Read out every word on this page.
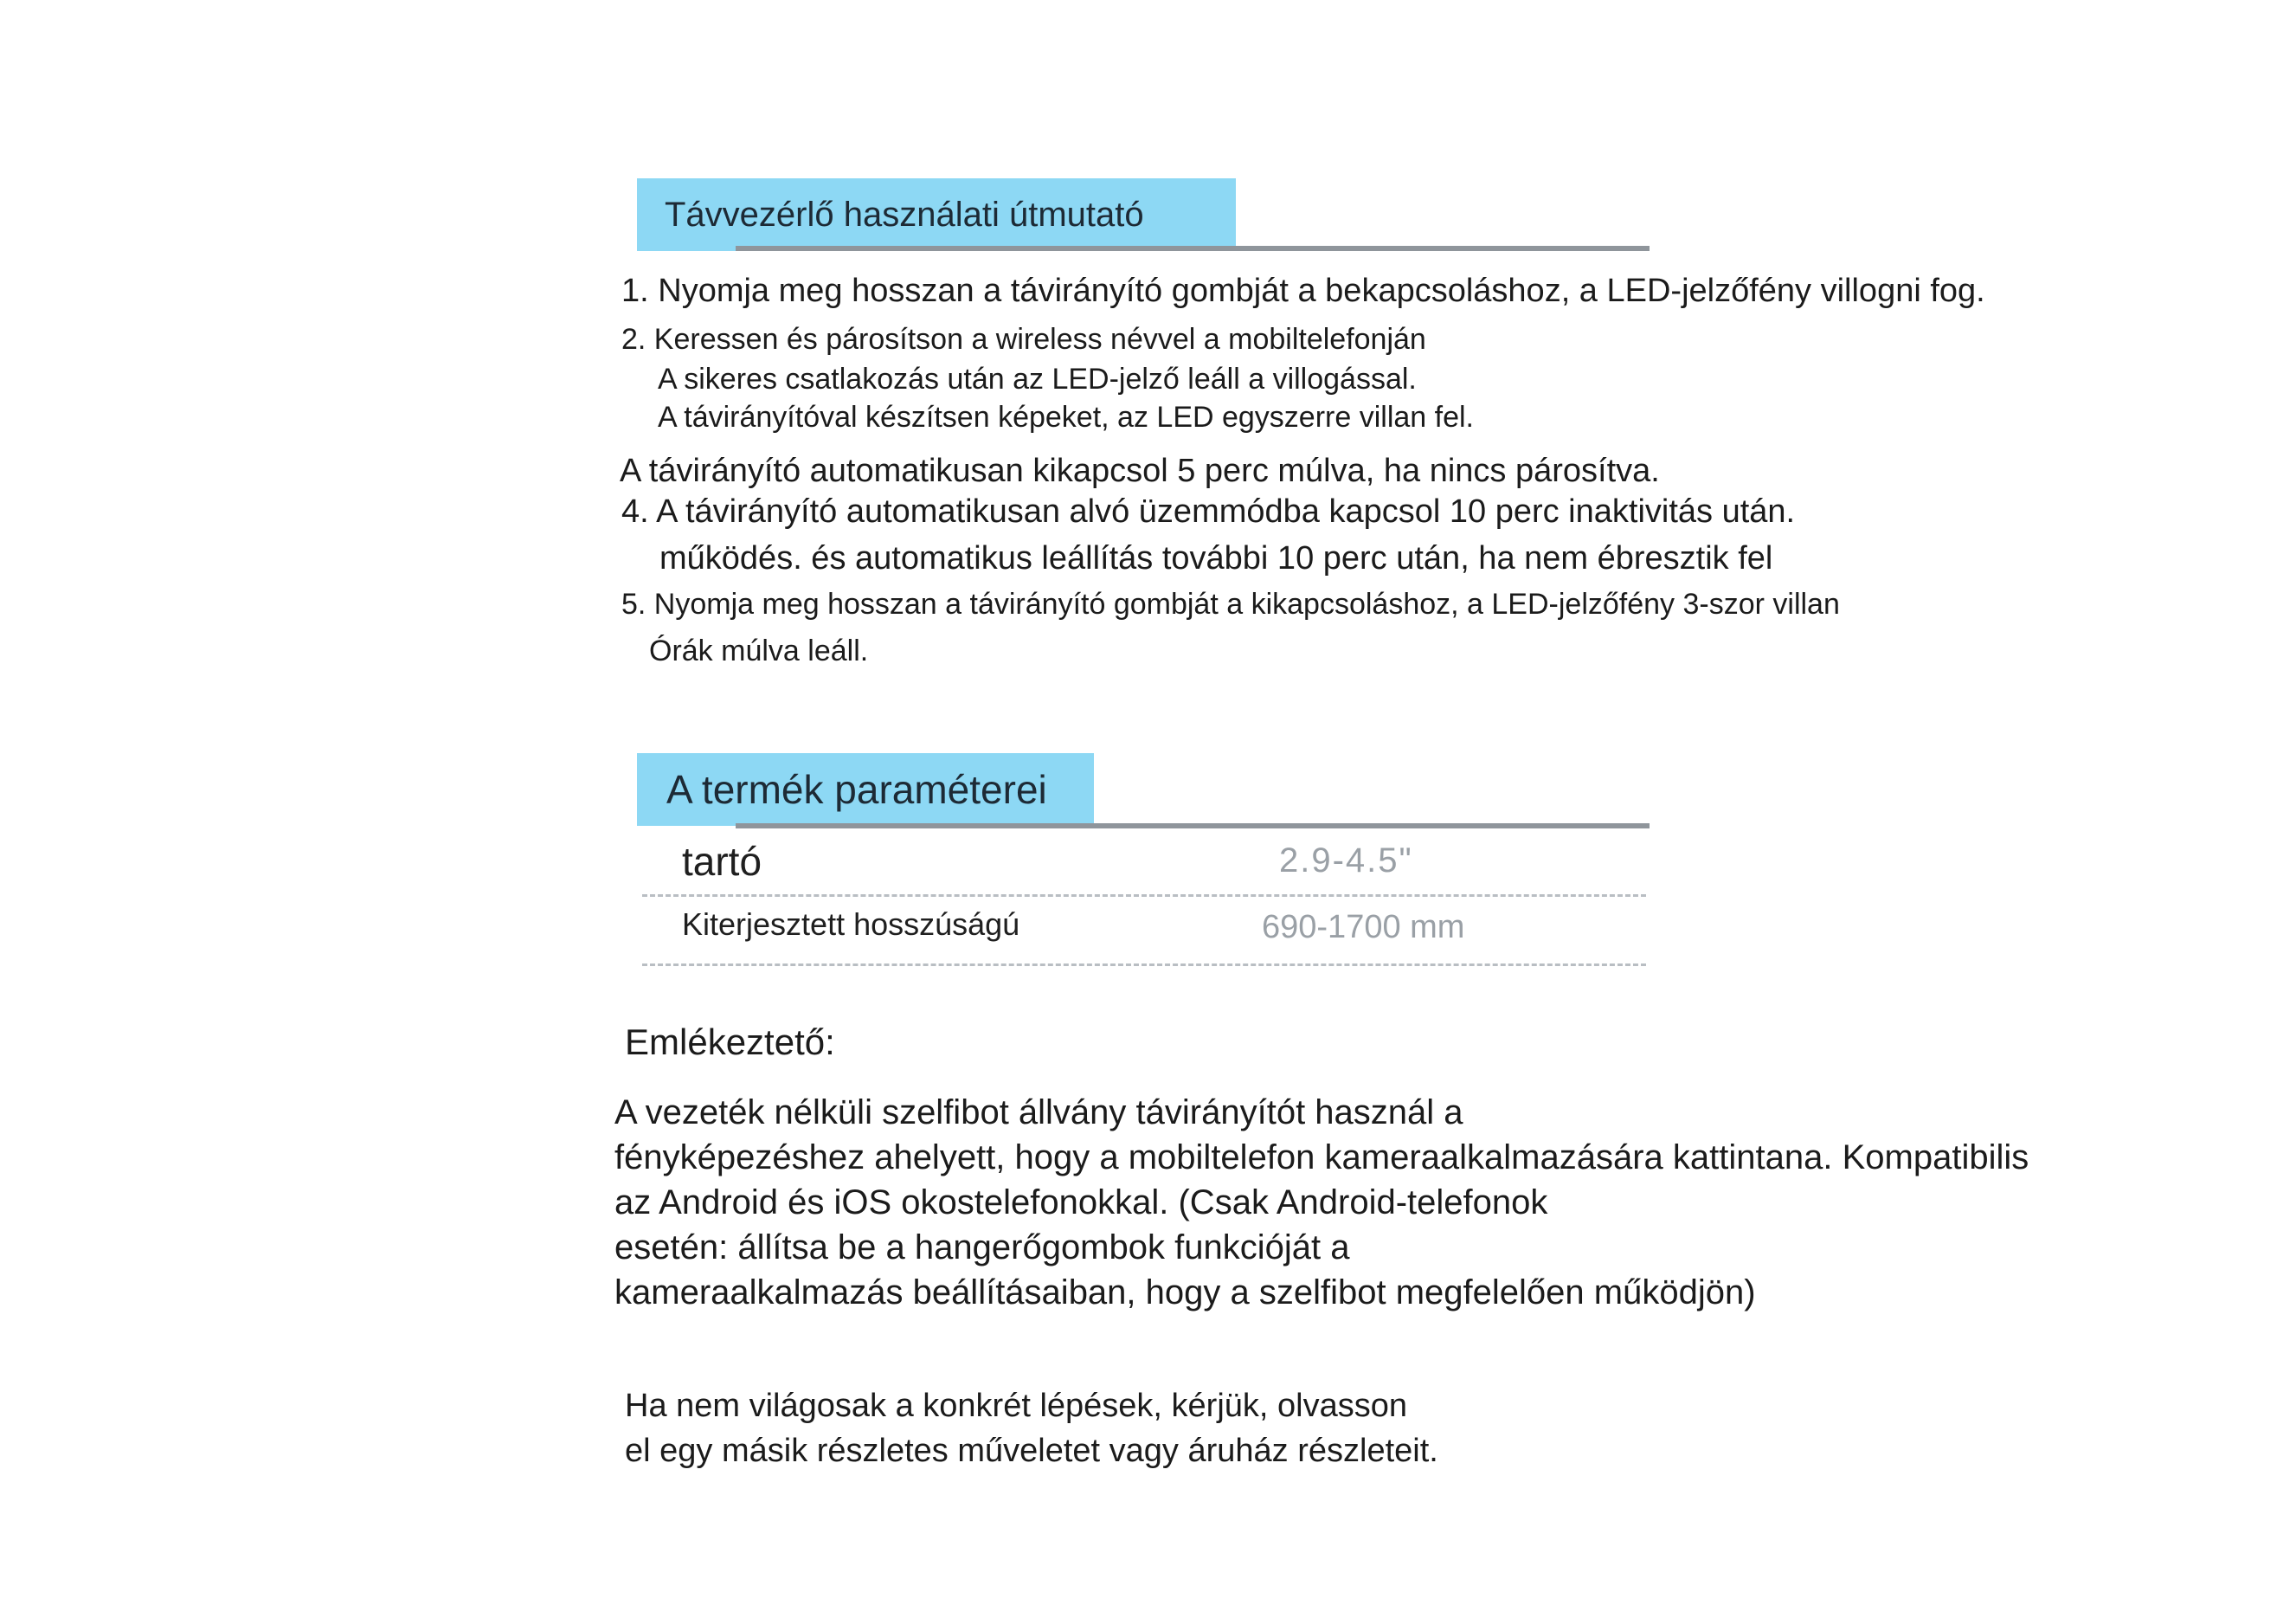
Távvezérlő használati útmutató
1. Nyomja meg hosszan a távirányító gombját a bekapcsoláshoz, a LED-jelzőfény villogni fog.
2. Keressen és párosítson a wireless névvel a mobiltelefonján
A sikeres csatlakozás után az LED-jelző leáll a villogással.
A távirányítóval készítsen képeket, az LED egyszerre villan fel.
A távirányító automatikusan kikapcsol 5 perc múlva, ha nincs párosítva.
4. A távirányító automatikusan alvó üzemmódba kapcsol 10 perc inaktivitás után.
működés. és automatikus leállítás további 10 perc után, ha nem ébresztik fel
5. Nyomja meg hosszan a távirányító gombját a kikapcsoláshoz, a LED-jelzőfény 3-szor villan
Órák múlva leáll.
A termék paraméterei
tartó	2.9-4.5"
Kiterjesztett hosszúságú	690-1700 mm
Emlékeztető:
A vezeték nélküli szelfibot állvány távirányítót használ a
fényképezéshez ahelyett, hogy a mobiltelefon kameraalkalmazására kattintana. Kompatibilis
az Android és iOS okostelefonokkal. (Csak Android-telefonok
esetén: állítsa be a hangerőgombok funkcióját a
kameraalkalmazás beállításaiban, hogy a szelfibot megfelelően működjön)
Ha nem világosak a konkrét lépések, kérjük, olvasson
el egy másik részletes műveletet vagy áruház részleteit.
